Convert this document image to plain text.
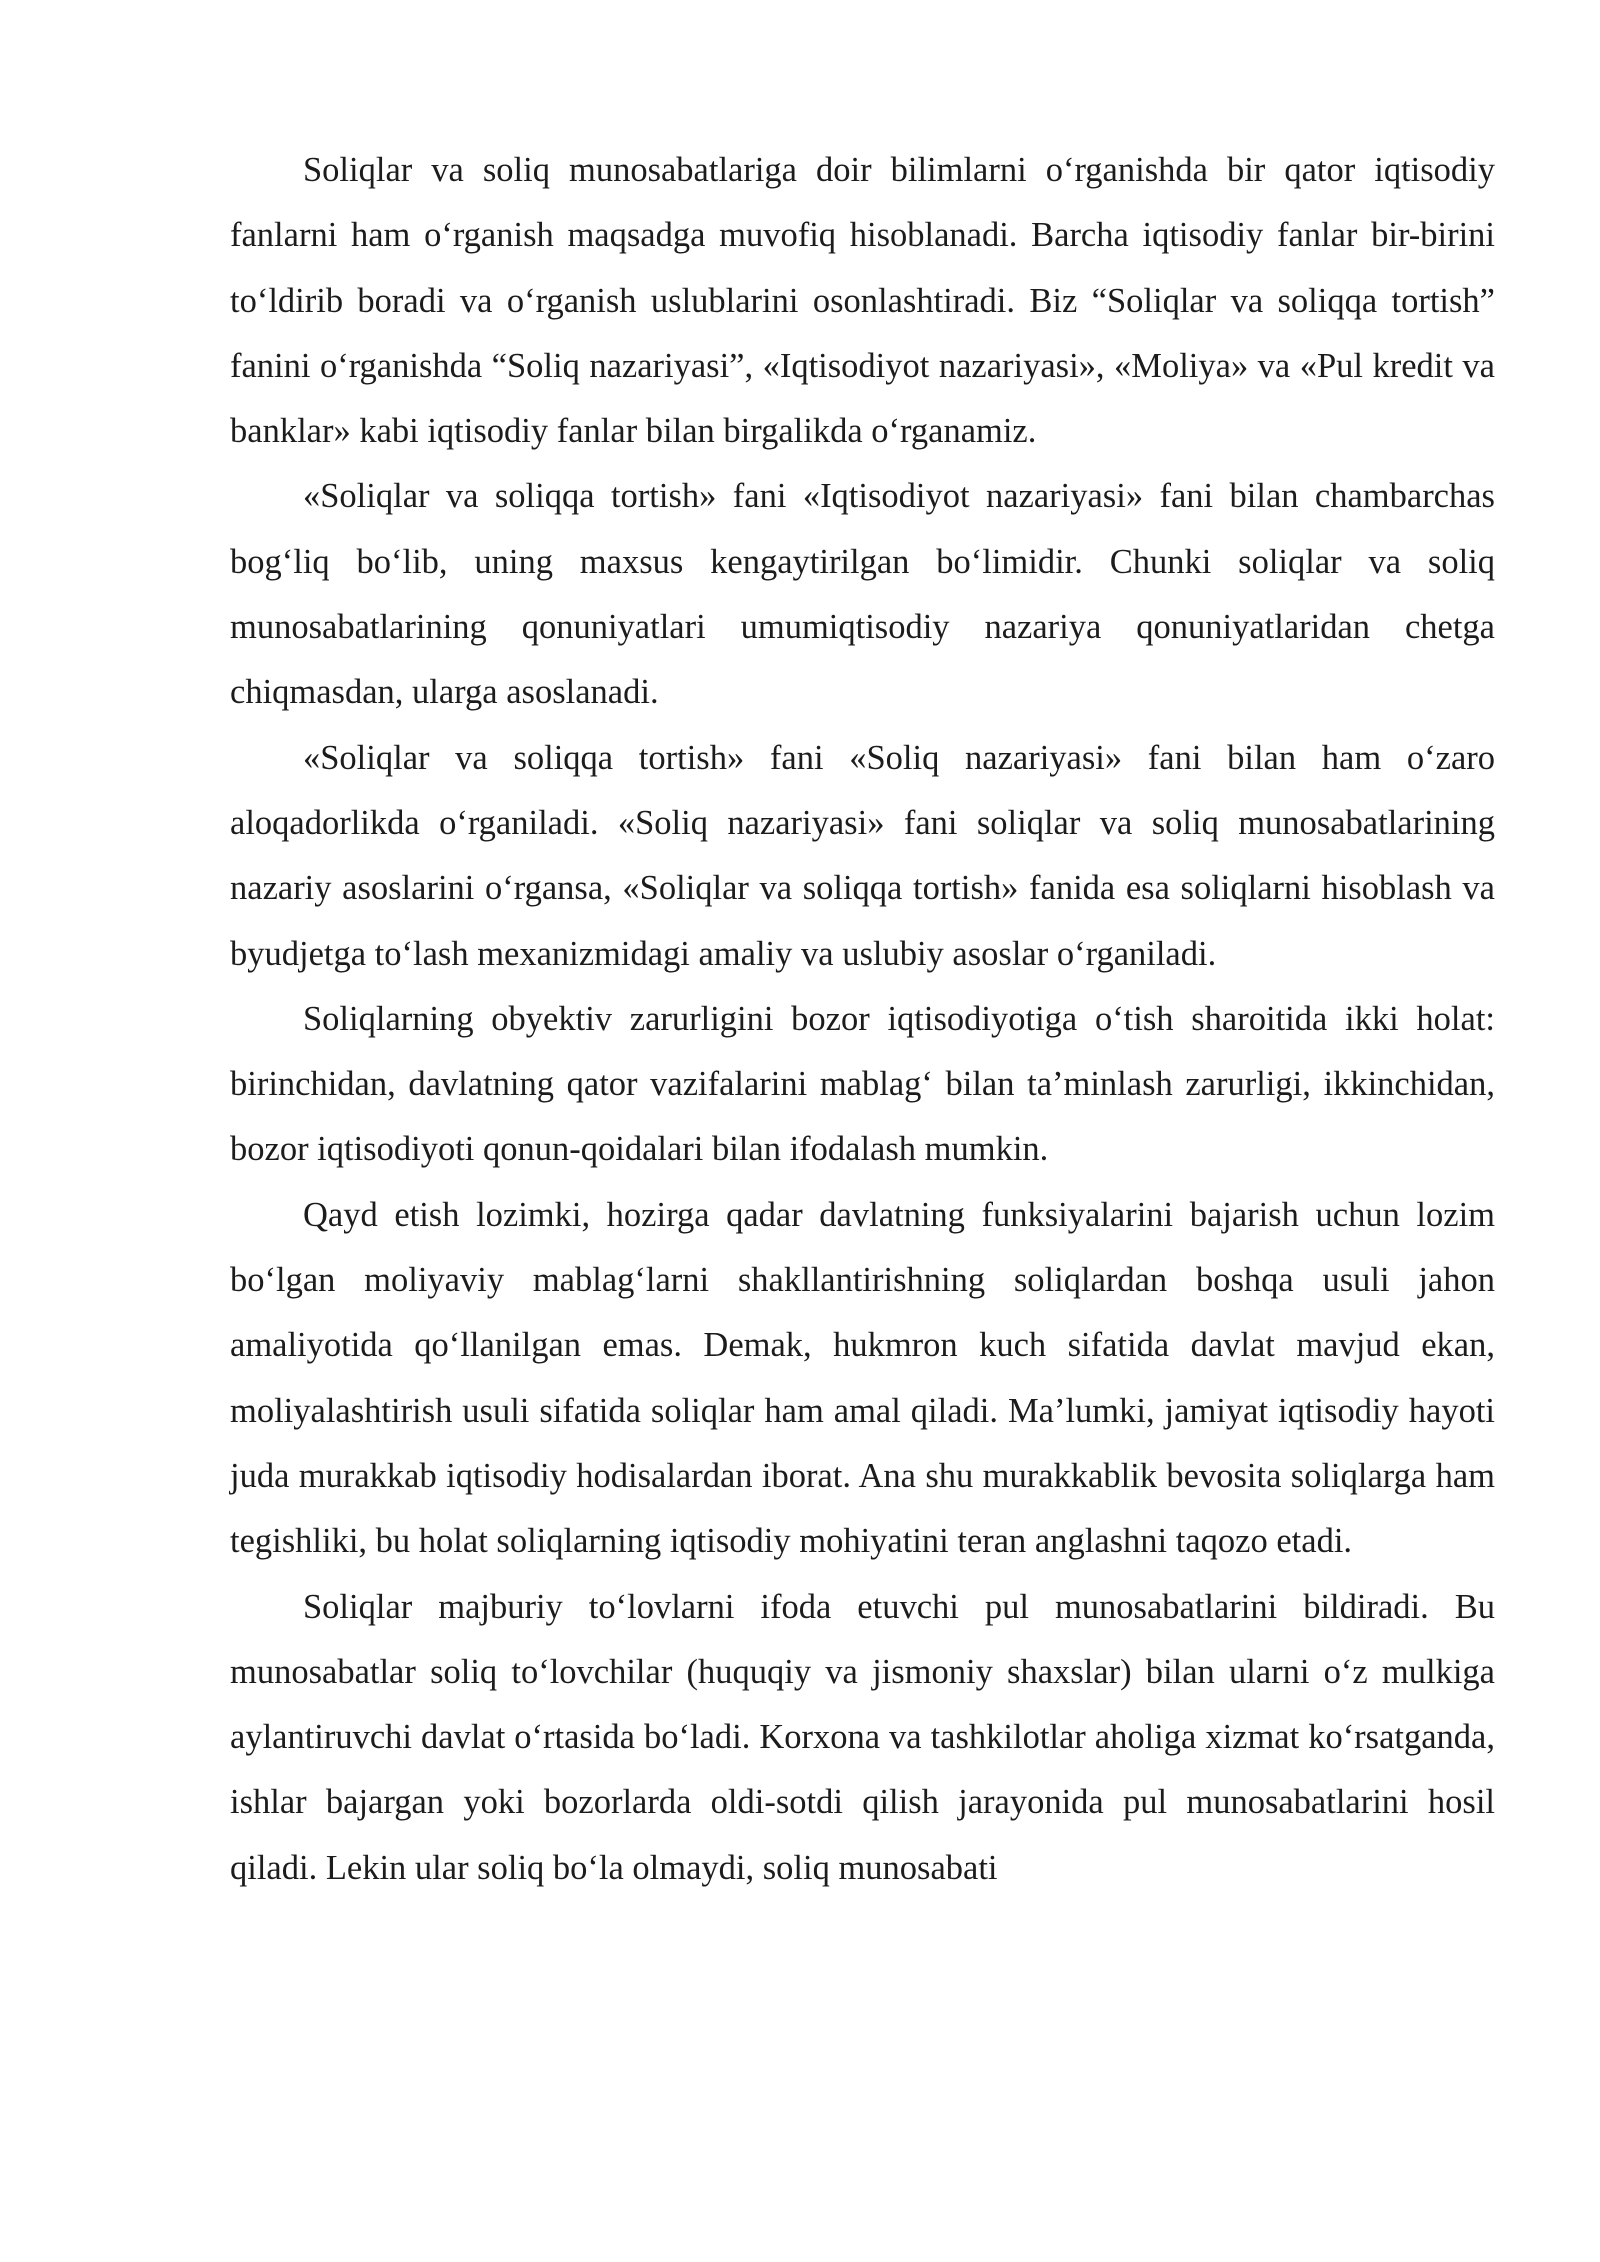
Soliqlar va soliq munosabatlariga doir bilimlarni o‘rganishda bir qator iqtisodiy fanlarni ham o‘rganish maqsadga muvofiq hisoblanadi. Barcha iqtisodiy fanlar bir-birini to‘ldirib boradi va o‘rganish uslublarini osonlashtiradi. Biz “Soliqlar va soliqqa tortish” fanini o‘rganishda “Soliq nazariyasi”, «Iqtisodiyot nazariyasi», «Moliya» va «Pul kredit va banklar» kabi iqtisodiy fanlar bilan birgalikda o‘rganamiz.

«Soliqlar va soliqqa tortish» fani «Iqtisodiyot nazariyasi» fani bilan chambarchas bog‘liq bo‘lib, uning maxsus kengaytirilgan bo‘limidir. Chunki soliqlar va soliq munosabatlarining qonuniyatlari umumiqtisodiy nazariya qonuniyatlaridan chetga chiqmasdan, ularga asoslanadi.

«Soliqlar va soliqqa tortish» fani «Soliq nazariyasi» fani bilan ham o‘zaro aloqadorlikda o‘rganiladi. «Soliq nazariyasi» fani soliqlar va soliq munosabatlarining nazariy asoslarini o‘rgansa, «Soliqlar va soliqqa tortish» fanida esa soliqlarni hisoblash va byudjetga to‘lash mexanizmidagi amaliy va uslubiy asoslar o‘rganiladi.

Soliqlarning obyektiv zarurligini bozor iqtisodiyotiga o‘tish sharoitida ikki holat: birinchidan, davlatning qator vazifalarini mablag‘ bilan ta’minlash zarurligi, ikkinchidan, bozor iqtisodiyoti qonun-qoidalari bilan ifodalash mumkin.

Qayd etish lozimki, hozirga qadar davlatning funksiyalarini bajarish uchun lozim bo‘lgan moliyaviy mablag‘larni shakllantirishning soliqlardan boshqa usuli jahon amaliyotida qo‘llanilgan emas. Demak, hukmron kuch sifatida davlat mavjud ekan, moliyalashtirish usuli sifatida soliqlar ham amal qiladi. Ma’lumki, jamiyat iqtisodiy hayoti juda murakkab iqtisodiy hodisalardan iborat. Ana shu murakkablik bevosita soliqlarga ham tegishliki, bu holat soliqlarning iqtisodiy mohiyatini teran anglashni taqozo etadi.

Soliqlar majburiy to‘lovlarni ifoda etuvchi pul munosabatlarini bildiradi. Bu munosabatlar soliq to‘lovchilar (huquqiy va jismoniy shaxslar) bilan ularni o‘z mulkiga aylantiruvchi davlat o‘rtasida bo‘ladi. Korxona va tashkilotlar aholiga xizmat ko‘rsatganda, ishlar bajargan yoki bozorlarda oldi-sotdi qilish jarayonida pul munosabatlarini hosil qiladi. Lekin ular soliq bo‘la olmaydi, soliq munosabati
